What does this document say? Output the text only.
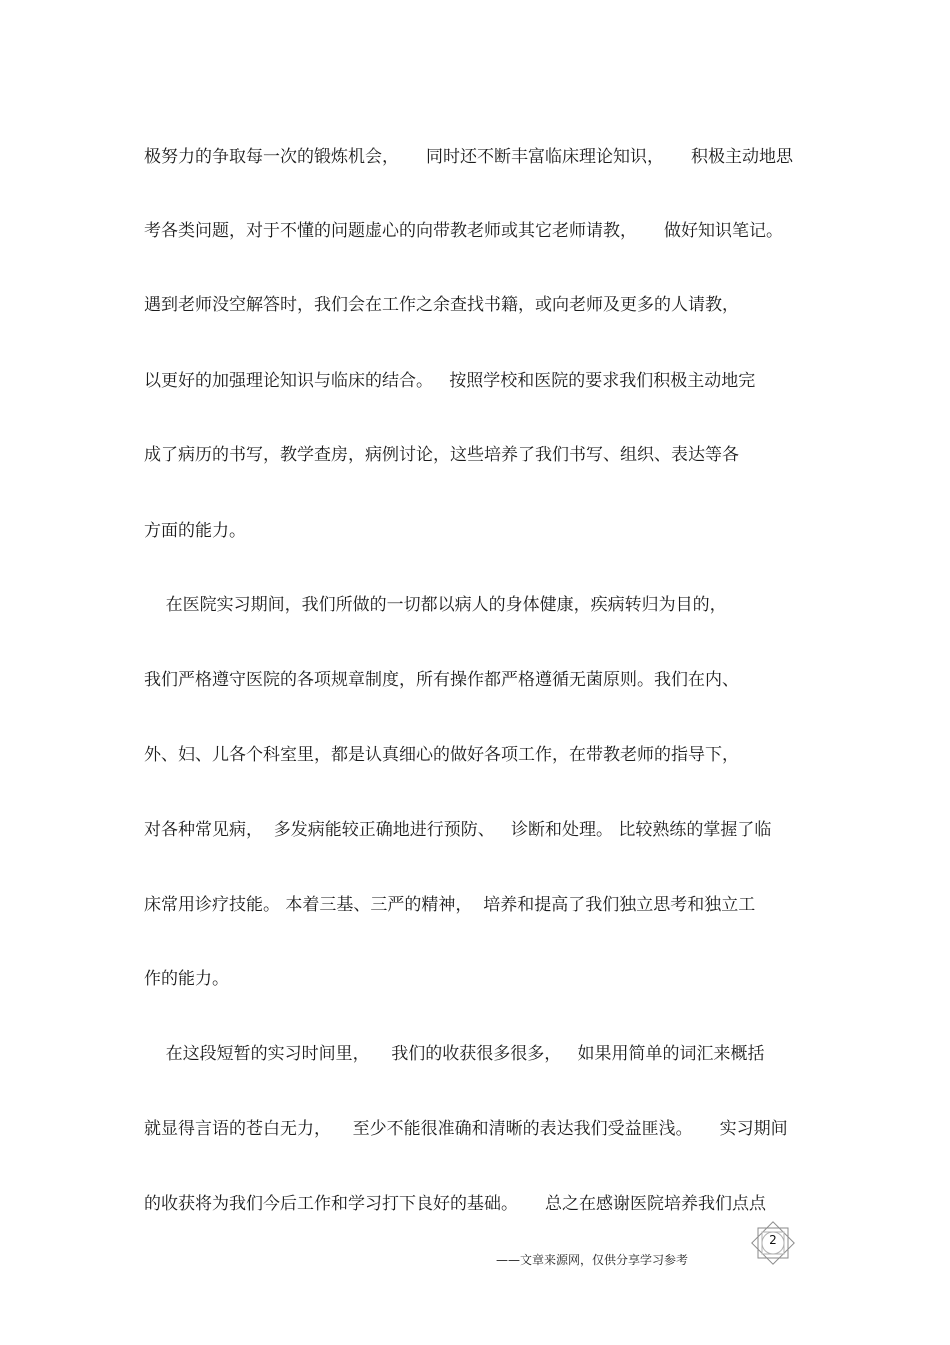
极努力的争取每一次的锻炼机会，     同时还不断丰富临床理论知识，     积极主动地思

考各类问题，对于不懂的问题虚心的向带教老师或其它老师请教，     做好知识笔记。

遇到老师没空解答时，我们会在工作之余查找书籍，或向老师及更多的人请教，

以更好的加强理论知识与临床的结合。   按照学校和医院的要求我们积极主动地完

成了病历的书写，教学查房，病例讨论，这些培养了我们书写、组织、表达等各

方面的能力。

在医院实习期间，我们所做的一切都以病人的身体健康，疾病转归为目的，

我们严格遵守医院的各项规章制度，所有操作都严格遵循无菌原则。我们在内、

外、妇、儿各个科室里，都是认真细心的做好各项工作，在带教老师的指导下，

对各种常见病，  多发病能较正确地进行预防、   诊断和处理。 比较熟练的掌握了临

床常用诊疗技能。 本着三基、三严的精神，  培养和提高了我们独立思考和独立工

作的能力。

在这段短暂的实习时间里，    我们的收获很多很多，   如果用简单的词汇来概括

就显得言语的苍白无力，    至少不能很准确和清晰的表达我们受益匪浅。     实习期间

的收获将为我们今后工作和学习打下良好的基础。     总之在感谢医院培养我们点点

2
——文章来源网，仅供分享学习参考
